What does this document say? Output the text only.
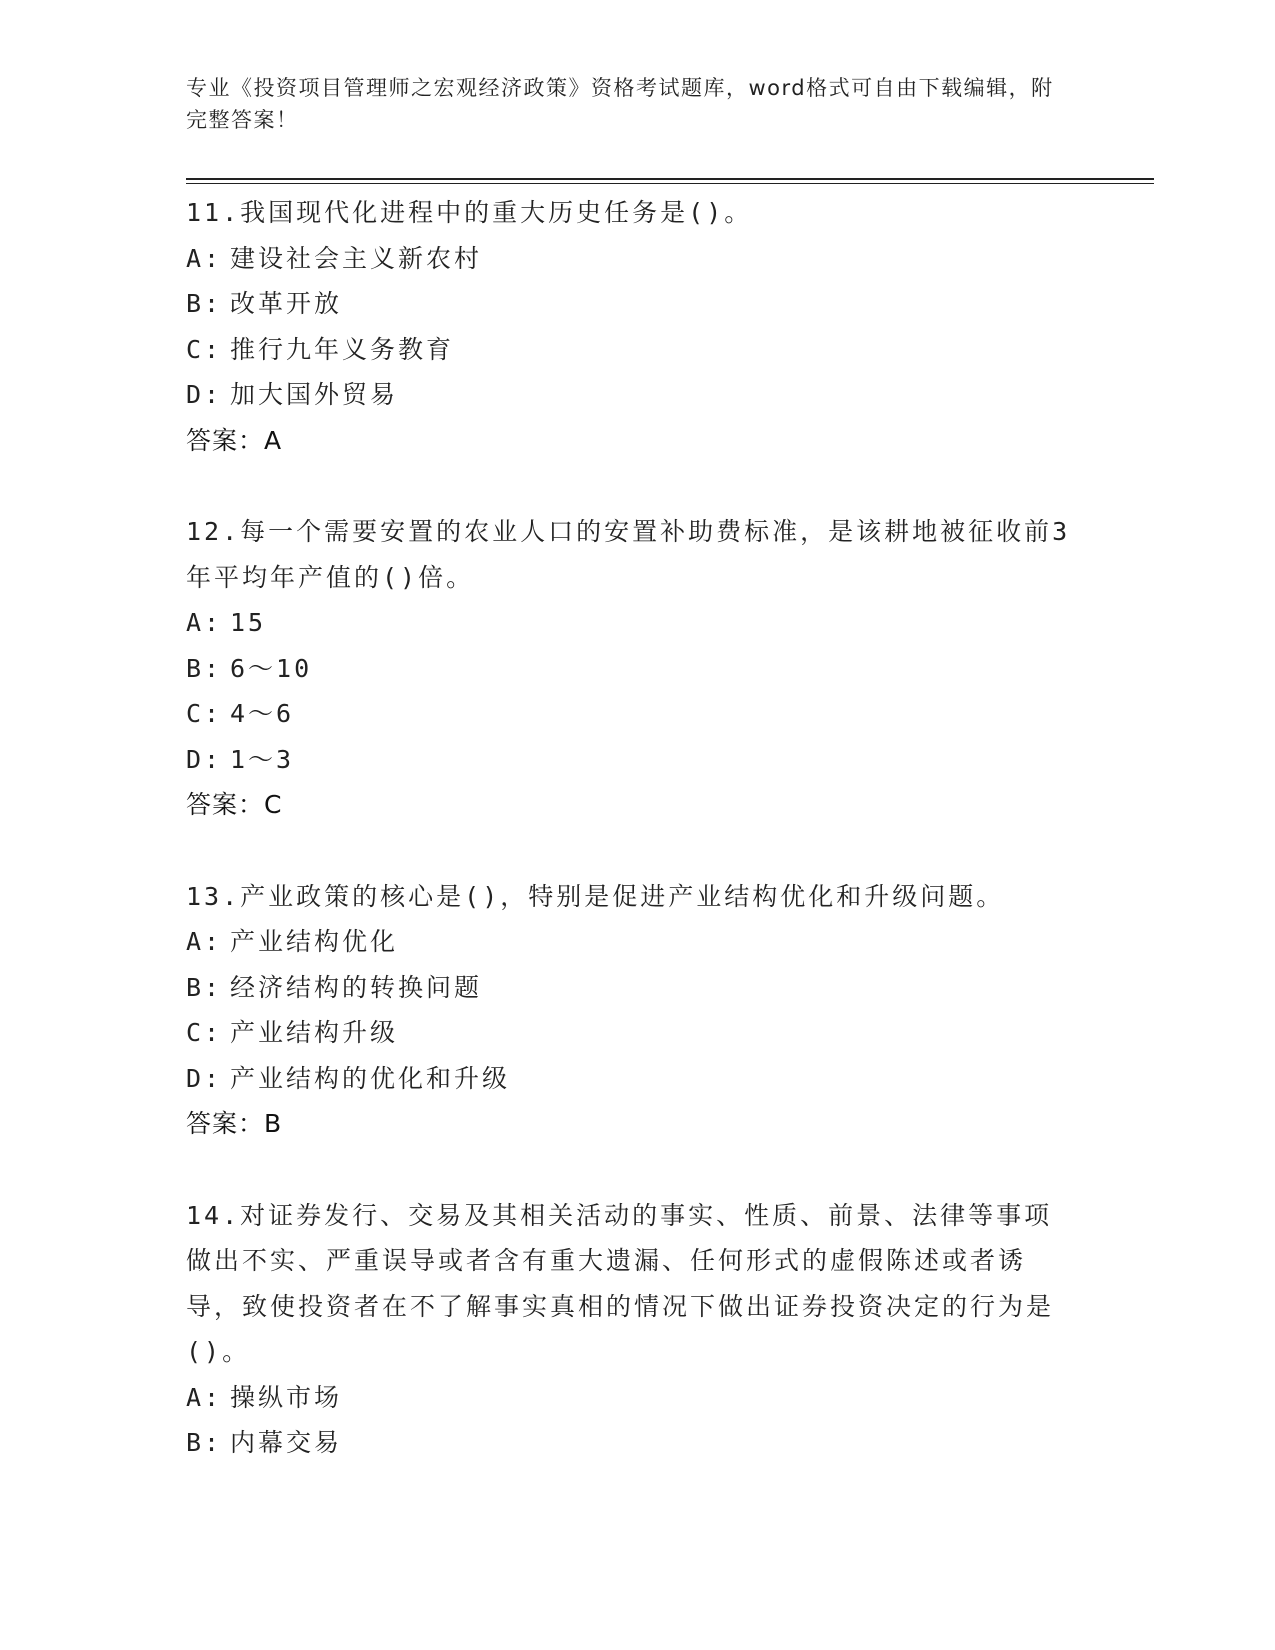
专业《投资项目管理师之宏观经济政策》资格考试题库，word格式可自由下载编辑，附完整答案！
11.我国现代化进程中的重大历史任务是()。
A: 建设社会主义新农村
B: 改革开放
C: 推行九年义务教育
D: 加大国外贸易
答案：A
12.每一个需要安置的农业人口的安置补助费标准，是该耕地被征收前3年平均年产值的()倍。
A: 15
B: 6～10
C: 4～6
D: 1～3
答案：C
13.产业政策的核心是()，特别是促进产业结构优化和升级问题。
A: 产业结构优化
B: 经济结构的转换问题
C: 产业结构升级
D: 产业结构的优化和升级
答案：B
14.对证券发行、交易及其相关活动的事实、性质、前景、法律等事项做出不实、严重误导或者含有重大遗漏、任何形式的虚假陈述或者诱导，致使投资者在不了解事实真相的情况下做出证券投资决定的行为是()。
A: 操纵市场
B: 内幕交易
